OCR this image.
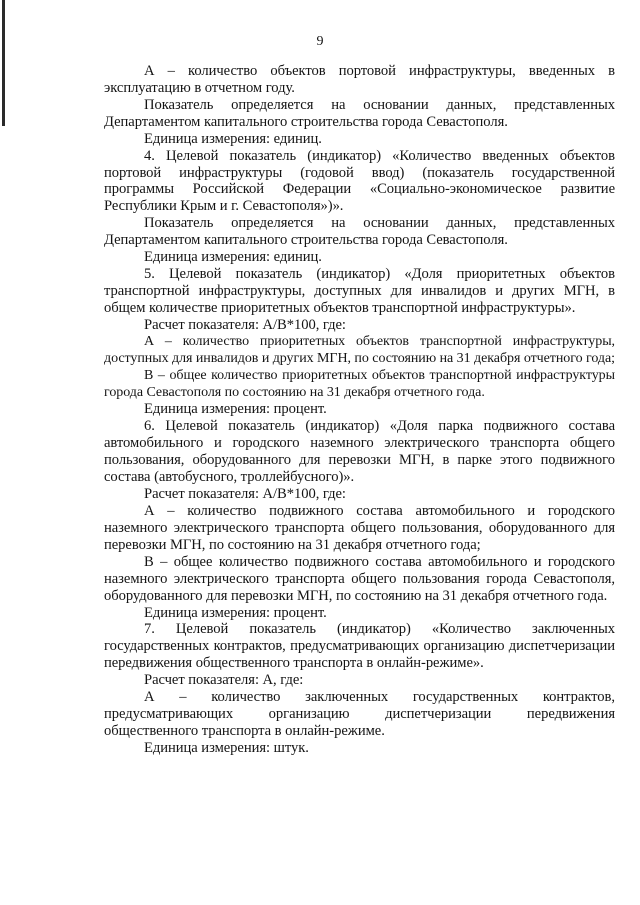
9

А – количество объектов портовой инфраструктуры, введенных в эксплуатацию в отчетном году.

Показатель определяется на основании данных, представленных Департаментом капитального строительства города Севастополя.

Единица измерения: единиц.

4. Целевой показатель (индикатор) «Количество введенных объектов портовой инфраструктуры (годовой ввод) (показатель государственной программы Российской Федерации «Социально-экономическое развитие Республики Крым и г. Севастополя»)».

Показатель определяется на основании данных, представленных Департаментом капитального строительства города Севастополя.

Единица измерения: единиц.

5. Целевой показатель (индикатор) «Доля приоритетных объектов транспортной инфраструктуры, доступных для инвалидов и других МГН, в общем количестве приоритетных объектов транспортной инфраструктуры».

Расчет показателя: А/В*100, где:

А – количество приоритетных объектов транспортной инфраструктуры, доступных для инвалидов и других МГН, по состоянию на 31 декабря отчетного года;

В – общее количество приоритетных объектов транспортной инфраструктуры города Севастополя по состоянию на 31 декабря отчетного года.

Единица измерения: процент.

6. Целевой показатель (индикатор) «Доля парка подвижного состава автомобильного и городского наземного электрического транспорта общего пользования, оборудованного для перевозки МГН, в парке этого подвижного состава (автобусного, троллейбусного)».

Расчет показателя: А/В*100, где:

А – количество подвижного состава автомобильного и городского наземного электрического транспорта общего пользования, оборудованного для перевозки МГН, по состоянию на 31 декабря отчетного года;

В – общее количество подвижного состава автомобильного и городского наземного электрического транспорта общего пользования города Севастополя, оборудованного для перевозки МГН, по состоянию на 31 декабря отчетного года.

Единица измерения: процент.

7. Целевой показатель (индикатор) «Количество заключенных государственных контрактов, предусматривающих организацию диспетчеризации передвижения общественного транспорта в онлайн-режиме».

Расчет показателя: А, где:

А – количество заключенных государственных контрактов, предусматривающих организацию диспетчеризации передвижения общественного транспорта в онлайн-режиме.

Единица измерения: штук.
